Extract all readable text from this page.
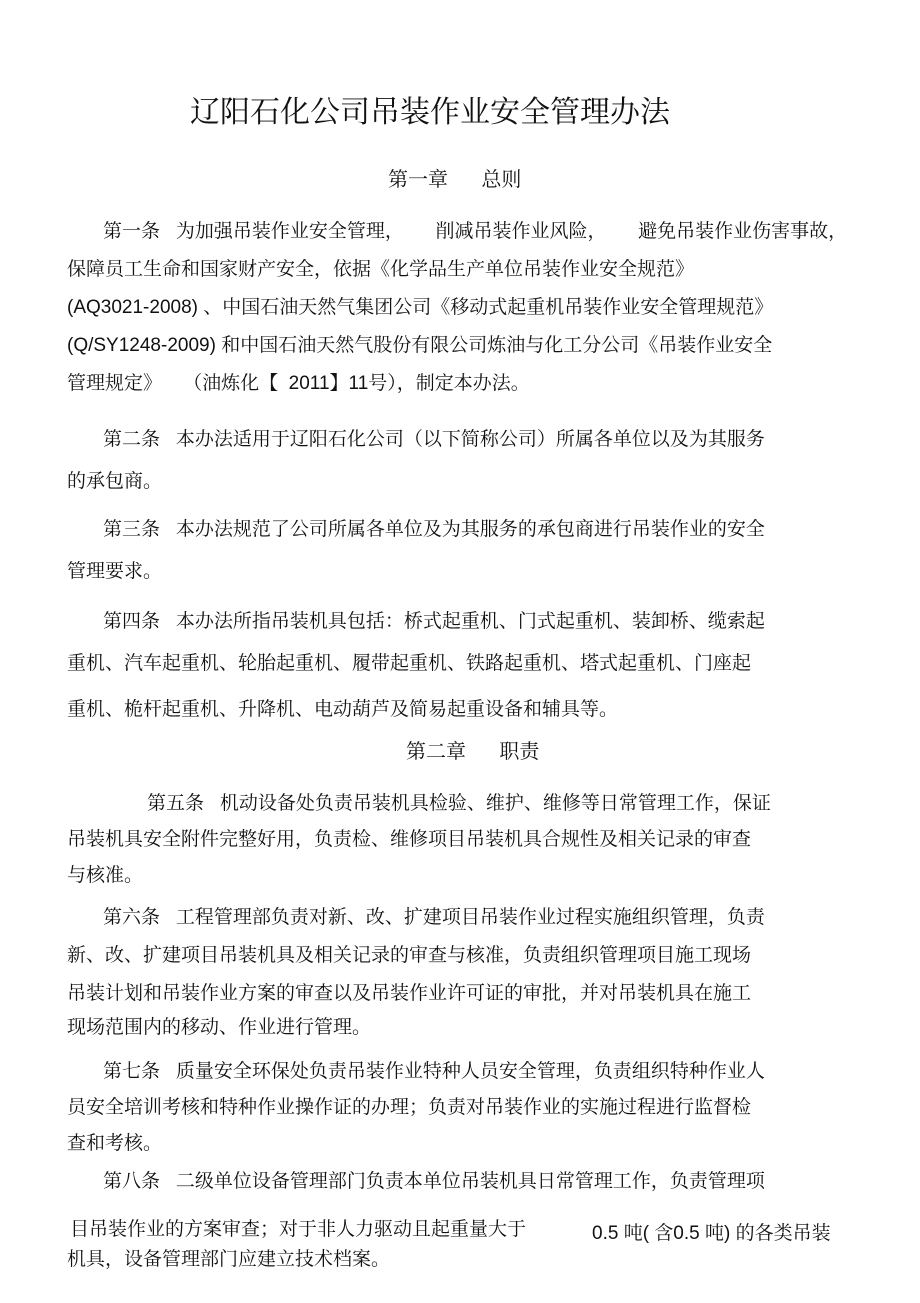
辽阳石化公司吊装作业安全管理办法
第一章      总则
第一条   为加强吊装作业安全管理，      削减吊装作业风险，      避免吊装作业伤害事故，
保障员工生命和国家财产安全，依据《化学品生产单位吊装作业安全规范》
(AQ3021-2008) 、中国石油天然气集团公司《移动式起重机吊装作业安全管理规范》
(Q/SY1248-2009) 和中国石油天然气股份有限公司炼油与化工分公司《吊装作业安全
管理规定》    （油炼化【  2011】11号），制定本办法。
第二条   本办法适用于辽阳石化公司（以下简称公司）所属各单位以及为其服务
的承包商。
第三条   本办法规范了公司所属各单位及为其服务的承包商进行吊装作业的安全
管理要求。
第四条   本办法所指吊装机具包括：桥式起重机、门式起重机、装卸桥、缆索起
重机、汽车起重机、轮胎起重机、履带起重机、铁路起重机、塔式起重机、门座起
重机、桅杆起重机、升降机、电动葫芦及简易起重设备和辅具等。
第二章      职责
第五条   机动设备处负责吊装机具检验、维护、维修等日常管理工作，保证
吊装机具安全附件完整好用，负责检、维修项目吊装机具合规性及相关记录的审查
与核准。
第六条   工程管理部负责对新、改、扩建项目吊装作业过程实施组织管理，负责
新、改、扩建项目吊装机具及相关记录的审查与核准，负责组织管理项目施工现场
吊装计划和吊装作业方案的审查以及吊装作业许可证的审批，并对吊装机具在施工
现场范围内的移动、作业进行管理。
第七条   质量安全环保处负责吊装作业特种人员安全管理，负责组织特种作业人
员安全培训考核和特种作业操作证的办理；负责对吊装作业的实施过程进行监督检
查和考核。
第八条   二级单位设备管理部门负责本单位吊装机具日常管理工作，负责管理项
目吊装作业的方案审查；对于非人力驱动且起重量大于	0.5 吨( 含0.5 吨) 的各类吊装
机具，设备管理部门应建立技术档案。
